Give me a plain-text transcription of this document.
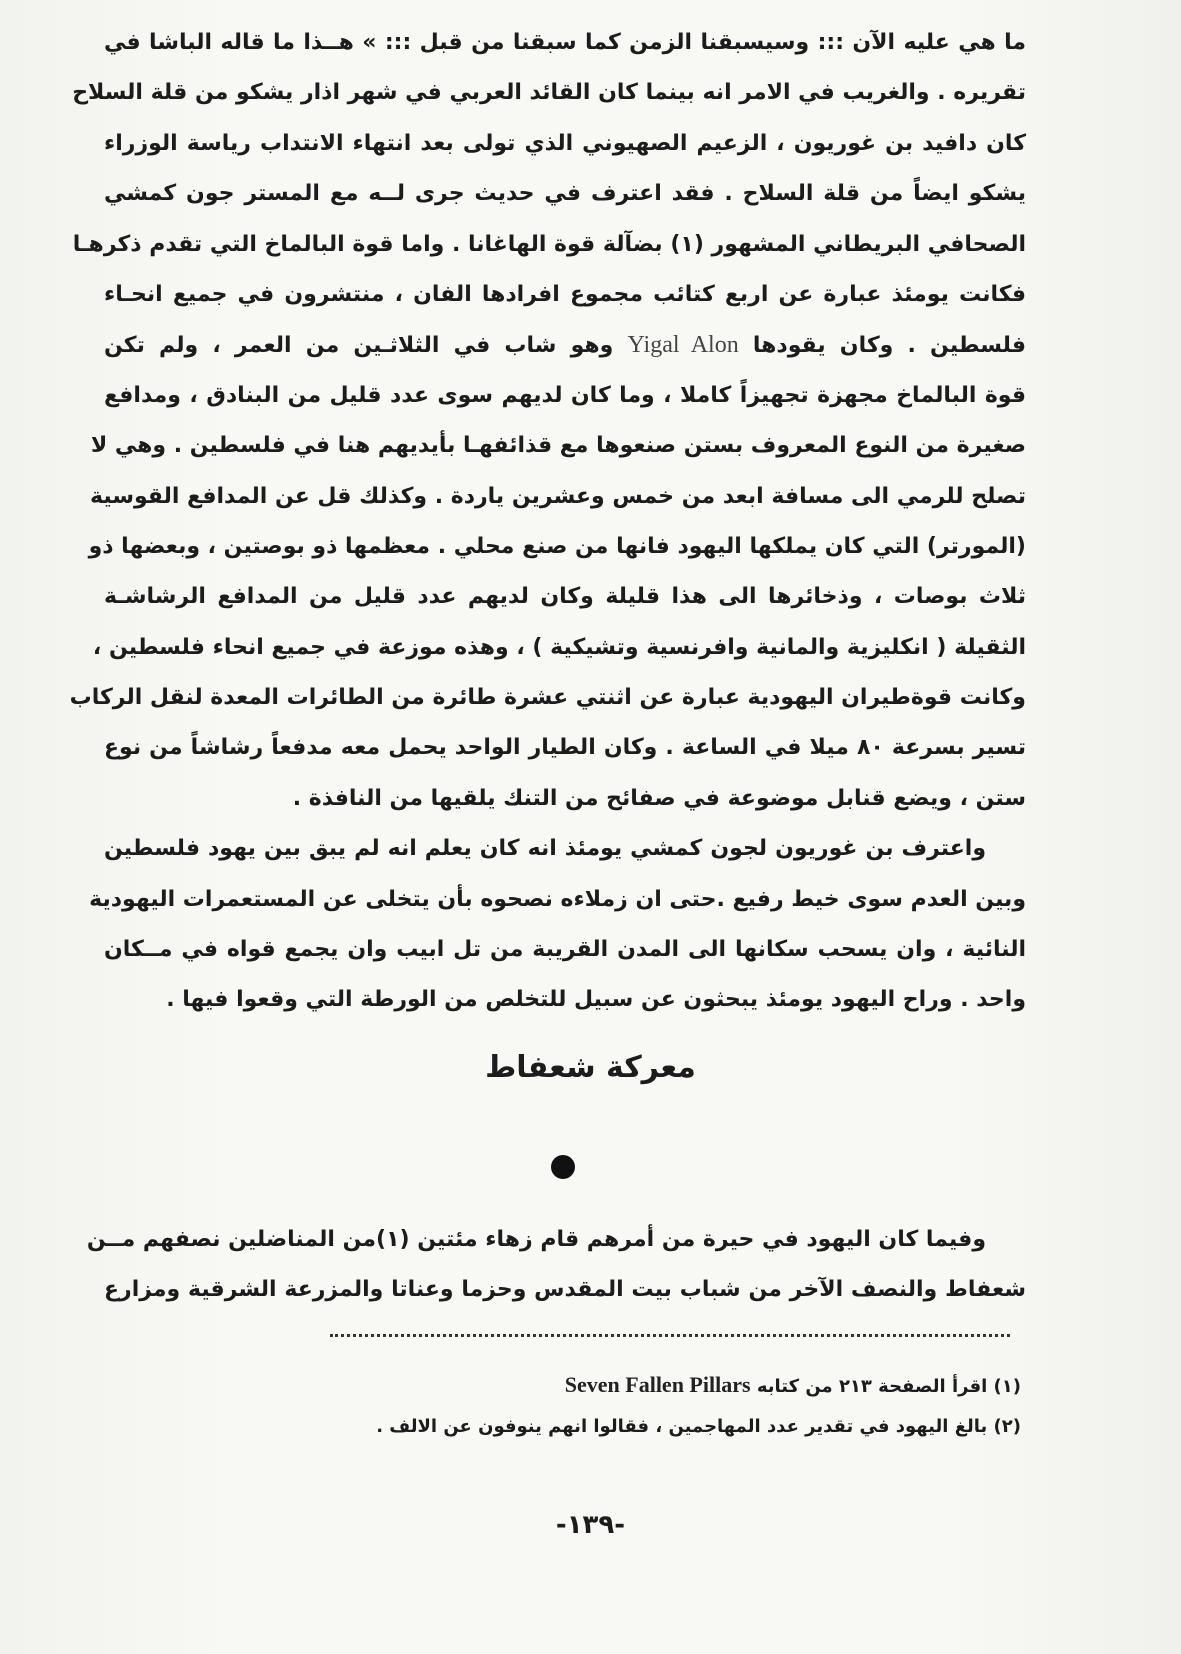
ما هي عليه الآن ::: وسيسبقنا الزمن كما سبقنا من قبل ::: » هــذا ما قاله الباشا في
تقريره . والغريب في الامر انه بينما كان القائد العربي في شهر اذار يشكو من قلة السلاح
كان دافيد بن غوريون ، الزعيم الصهيوني الذي تولى بعد انتهاء الانتداب رياسة الوزراء
يشكو ايضاً من قلة السلاح . فقد اعترف في حديث جرى لــه مع المستر جون كمشي
الصحافي البريطاني المشهور (١) بضآلة قوة الهاغانا . واما قوة البالماخ التي تقدم ذكرهـا
فكانت يومئذ عبارة عن اربع كتائب مجموع افرادها الفان ، منتشرون في جميع انحـاء
فلسطين . وكان يقودها Yigal Alon وهو شاب في الثلاثـين من العمر ، ولم تكن
قوة البالماخ مجهزة تجهيزاً كاملا ، وما كان لديهم سوى عدد قليل من البنادق ، ومدافع
صغيرة من النوع المعروف بستن صنعوها مع قذائفهـا بأيديهم هنا في فلسطين . وهي لا
تصلح للرمي الى مسافة ابعد من خمس وعشرين ياردة . وكذلك قل عن المدافع القوسية
(المورتر) التي كان يملكها اليهود فانها من صنع محلي . معظمها ذو بوصتين ، وبعضها ذو
ثلاث بوصات ، وذخائرها الى هذا قليلة وكان لديهم عدد قليل من المدافع الرشاشـة
الثقيلة ( انكليزية والمانية وافرنسية وتشيكية ) ، وهذه موزعة في جميع انحاء فلسطين ،
وكانت قوةطيران اليهودية عبارة عن اثنتي عشرة طائرة من الطائرات المعدة لنقل الركاب
تسير بسرعة ٨٠ ميلا في الساعة . وكان الطيار الواحد يحمل معه مدفعاً رشاشاً من نوع
ستن ، ويضع قنابل موضوعة في صفائح من التنك يلقيها من النافذة .
واعترف بن غوريون لجون كمشي يومئذ انه كان يعلم انه لم يبق بين يهود فلسطين
وبين العدم سوى خيط رفيع .حتى ان زملاءه نصحوه بأن يتخلى عن المستعمرات اليهودية
النائية ، وان يسحب سكانها الى المدن القريبة من تل ابيب وان يجمع قواه في مــكان
واحد . وراح اليهود يومئذ يبحثون عن سبيل للتخلص من الورطة التي وقعوا فيها .
معركة شعفاط
وفيما كان اليهود في حيرة من أمرهم قام زهاء مئتين (١)من المناضلين نصفهم مــن
شعفاط والنصف الآخر من شباب بيت المقدس وحزما وعناتا والمزرعة الشرقية ومزارع
(١) اقرأ الصفحة ٢١٣ من كتابه Seven Fallen Pillars
(٢) بالغ اليهود في تقدير عدد المهاجمين ، فقالوا انهم ينوفون عن الالف .
-١٣٩-
